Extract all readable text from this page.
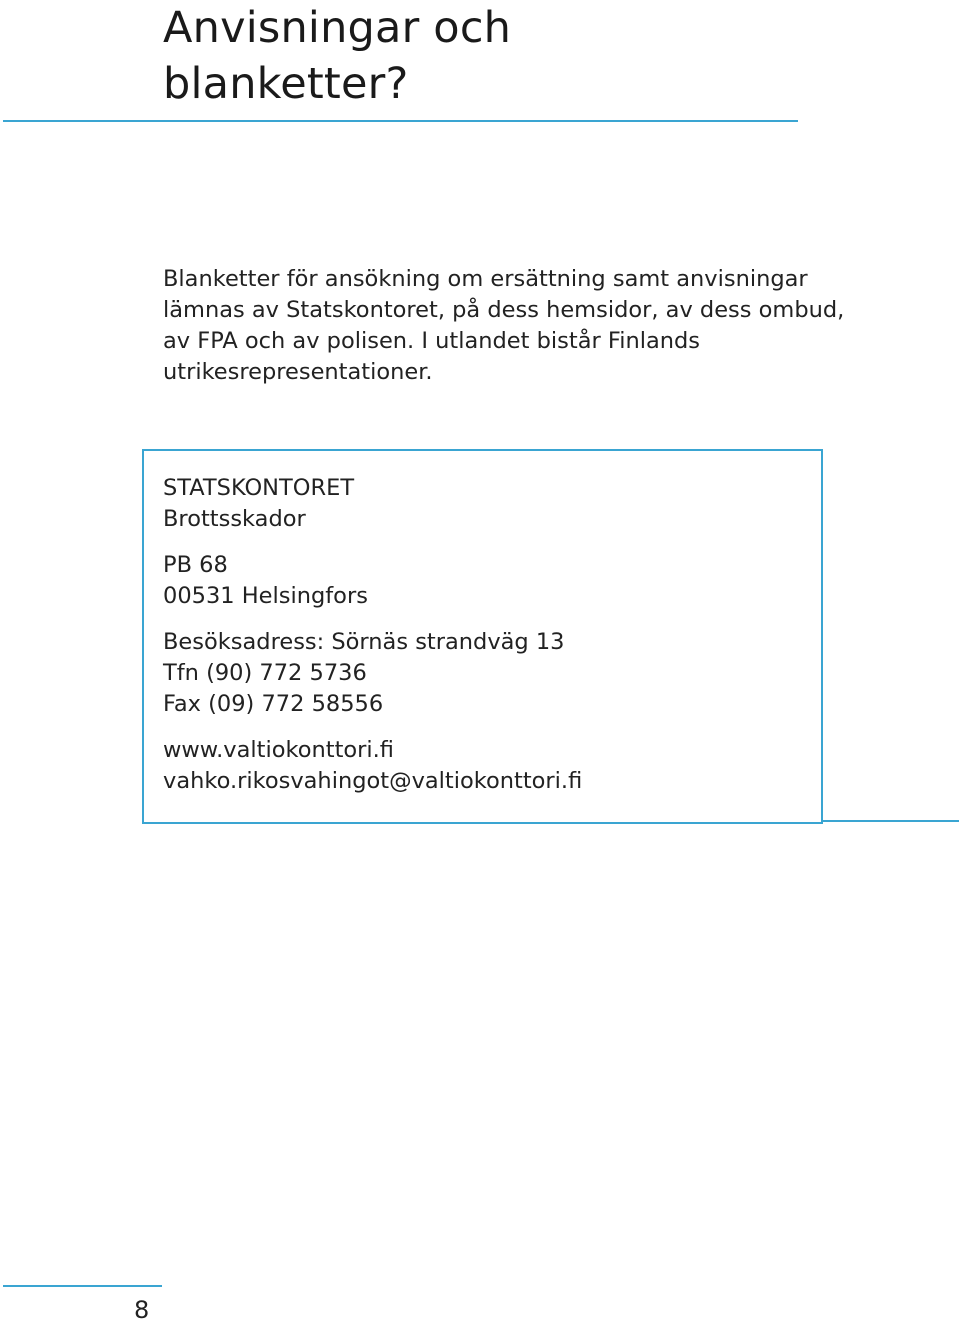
Anvisningar och
blanketter?

Blanketter för ansökning om ersättning samt anvisningar
lämnas av Statskontoret, på dess hemsidor, av dess ombud,
av FPA och av polisen. I utlandet bistår Finlands
utrikesrepresentationer.

STATSKONTORET
Brottsskador
PB 68
00531 Helsingfors
Besöksadress: Sörnäs strandväg 13
Tfn (90) 772 5736
Fax (09) 772 58556
www.valtiokonttori.fi
vahko.rikosvahingot@valtiokonttori.fi
8
